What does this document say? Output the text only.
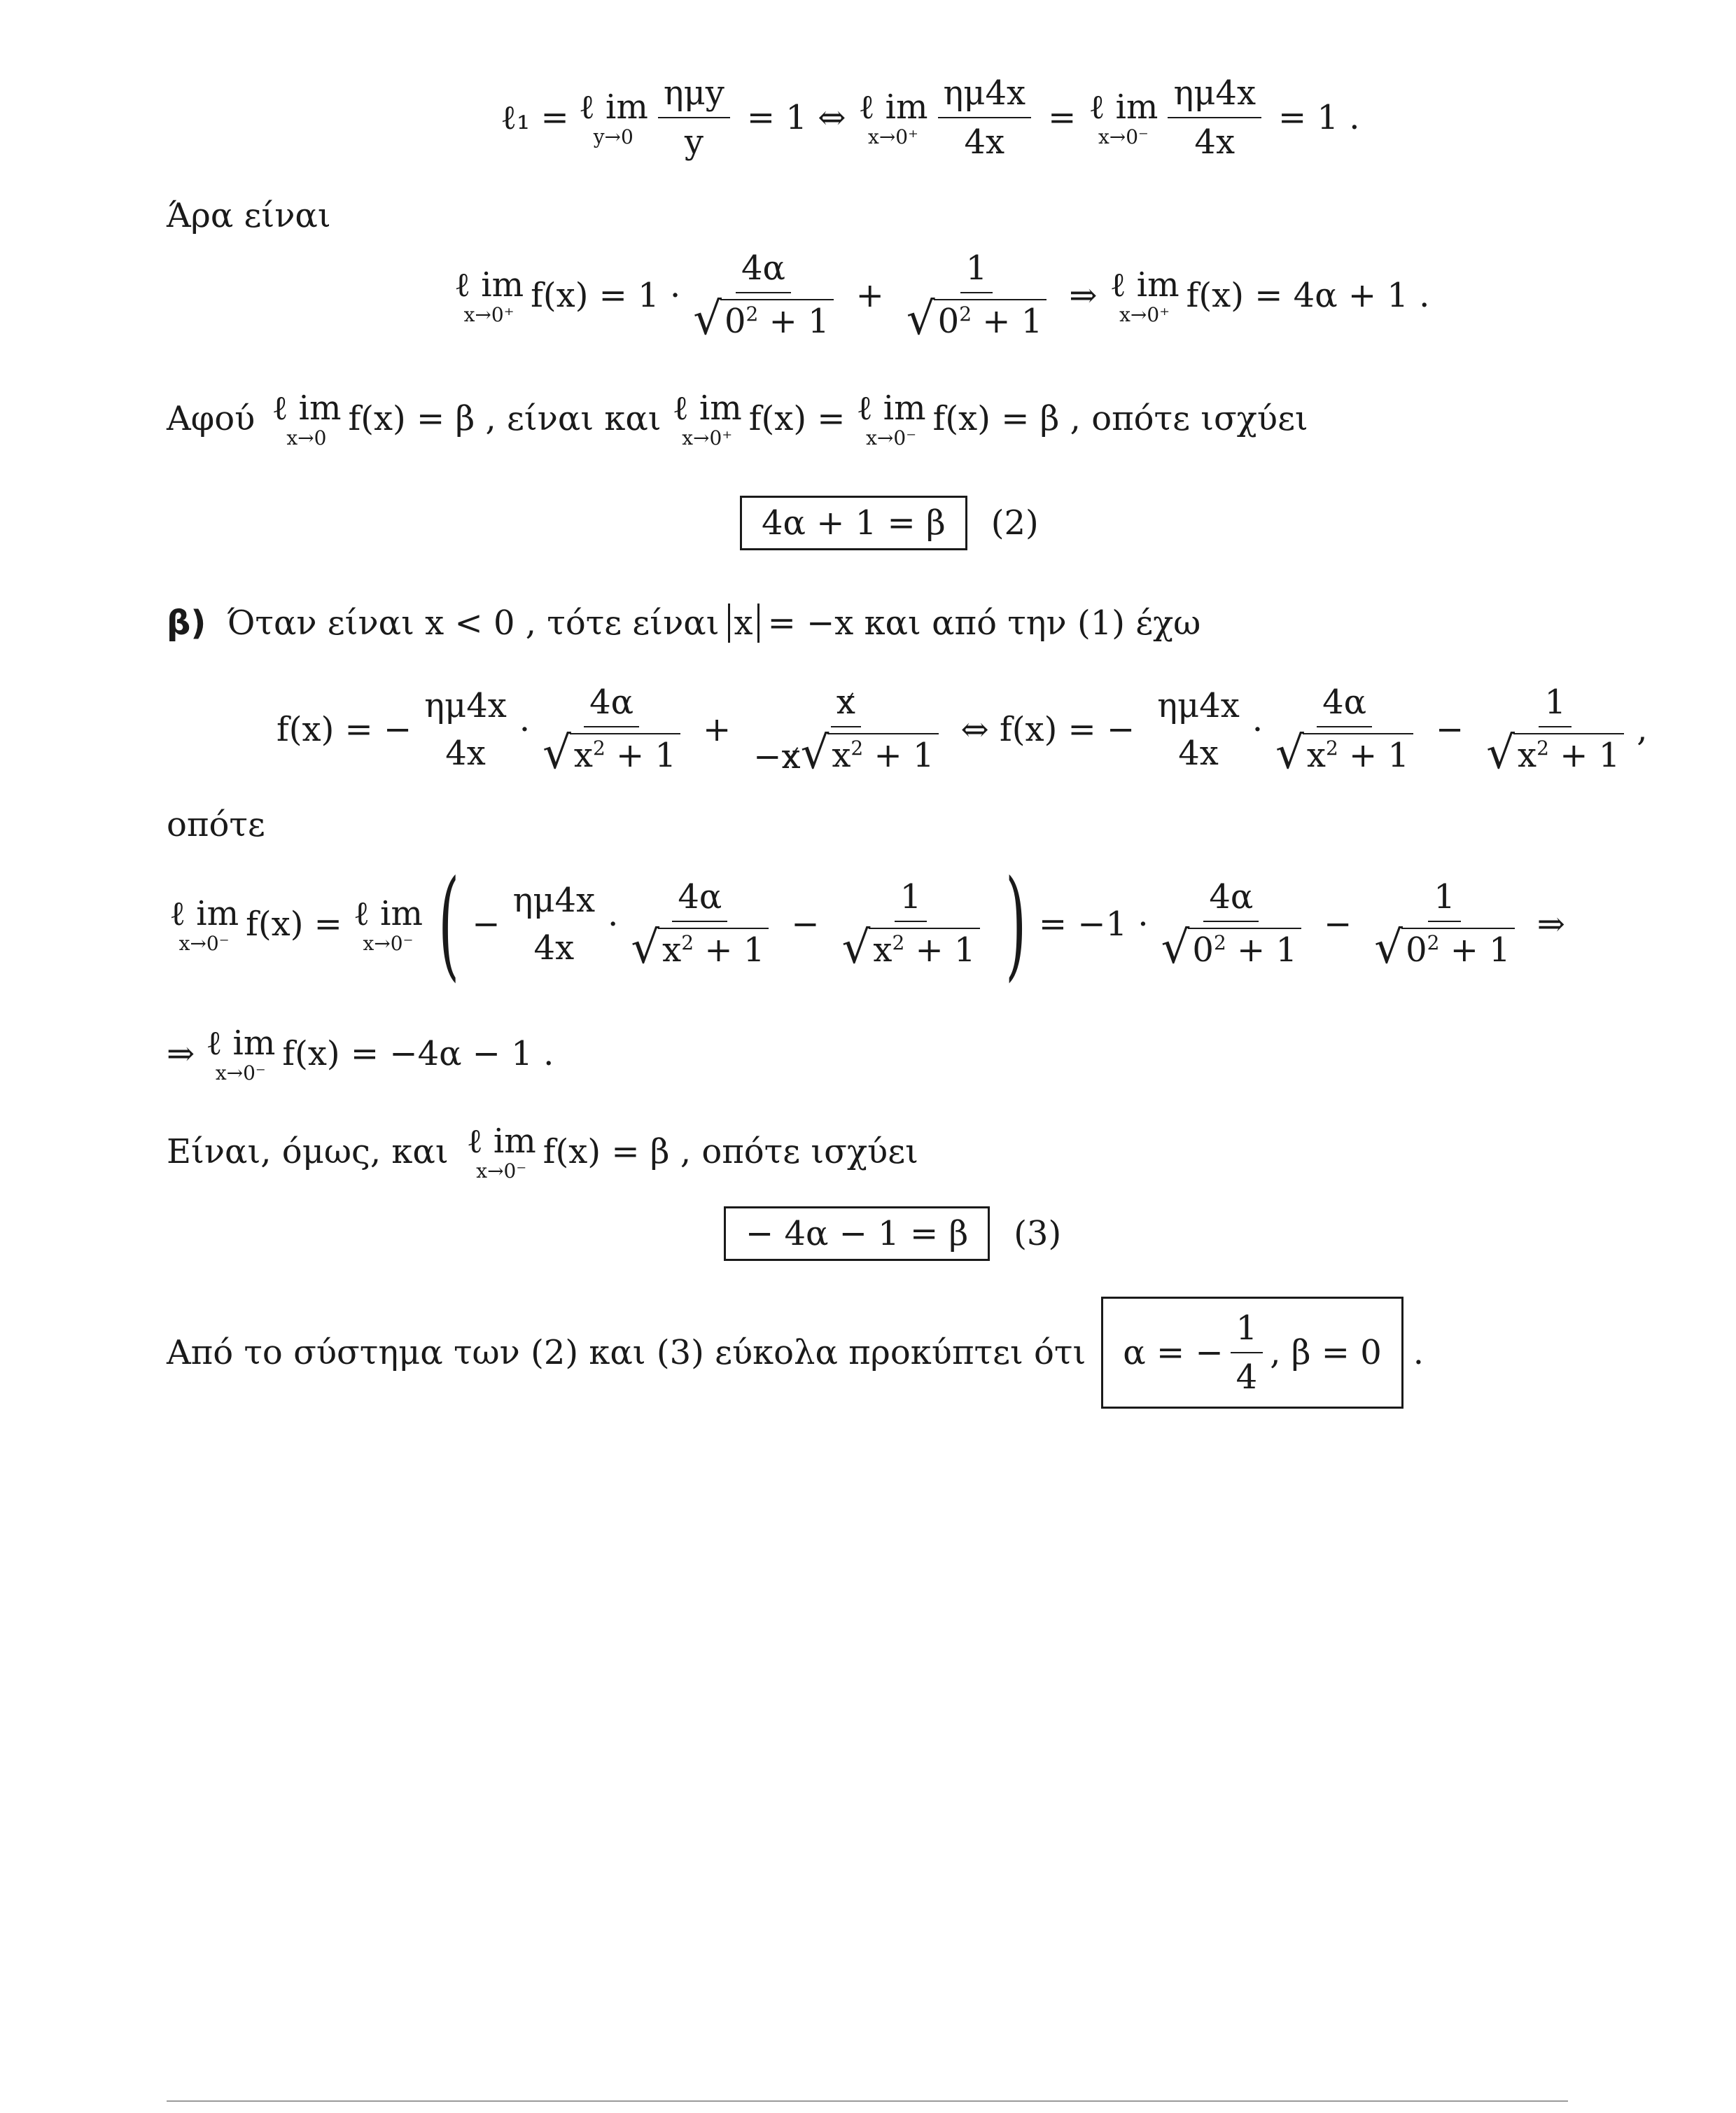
ℓ₁ = ℓ im
$y\to 0 \frac{\text{ημy}}{y} = 1$ ⇔ ℓ im
$x\to 0^+ \frac{\eta\mu 4x}{4x}$ = ℓ im
$x\to 0^- \frac{\eta\mu 4x}{4x} = 1$ .
Άρα είναι
ℓ im
x→0⁺ $f(x) = 1 \cdot \frac{4\alpha}{√ 0^2 + 1} + \frac{1}{√ 0^2 + 1}$ ⇒ ℓ im
x→0⁺ f(x) = 4α + 1 .
Αφού ℓ im
x→0 f(x) = β , είναι και ℓ im
x→0⁺ f(x) = ℓ im
x→0⁻ f(x) = β , οπότε ισχύει
4α + 1 = β	(2)
β) Όταν είναι x < 0 , τότε είναι x = −x και από την (1) έχω
f(x) = −
ημ4x
4x
· $\frac{4\alpha}{√ x^2 + 1} + \frac{x}{-x √ x^2 + 1}$ ⇔ f(x) = −
ημ4x
4x
· $\frac{4\alpha}{√ x^2 + 1} - \frac{1}{√ x^2 + 1}$ ,
οπότε
ℓ im
x→0⁻ f(x) = ℓ im
x→0⁻ ( −
ημ4x
4x
· $\frac{4\alpha}{√ x^2 + 1} - \frac{1}{√ x^2 + 1}$ ) = $-1 \cdot \frac{4\alpha}{√ 0^2 + 1} - \frac{1}{√ 0^2 + 1}$ ⇒
⇒ ℓ im
x→0⁻ f(x) = −4α − 1 .
Είναι, όμως, και ℓ im
x→0⁻ f(x) = β , οπότε ισχύει
− 4α − 1 = β	(3)
Από το σύστημα των (2) και (3) εύκολα προκύπτει ότι α = − $\frac{1}{4}$ , β = 0 .
